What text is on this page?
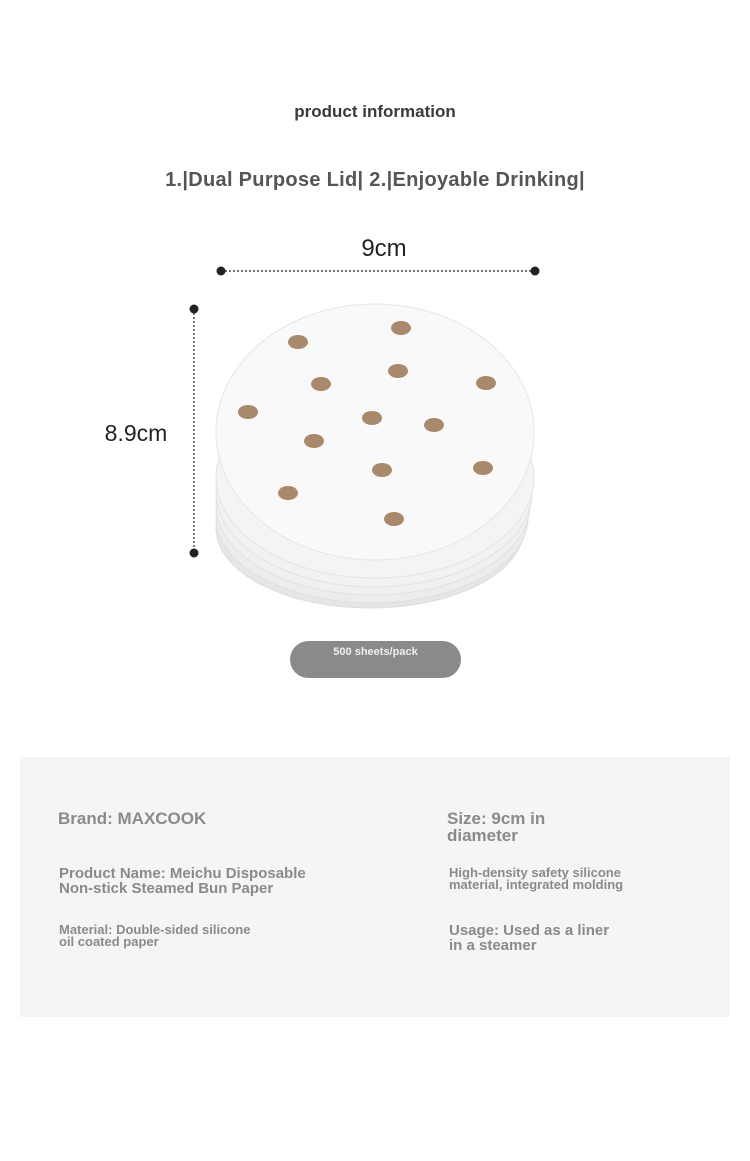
product information
1.|Dual Purpose Lid| 2.|Enjoyable Drinking|
9cm
8.9cm
500 sheets/pack
Brand: MAXCOOK	Size: 9cm in
diameter
Product Name: Meichu Disposable
Non-stick Steamed Bun Paper
High-density safety silicone
material, integrated molding
Material: Double-sided silicone
oil coated paper
Usage: Used as a liner
in a steamer
